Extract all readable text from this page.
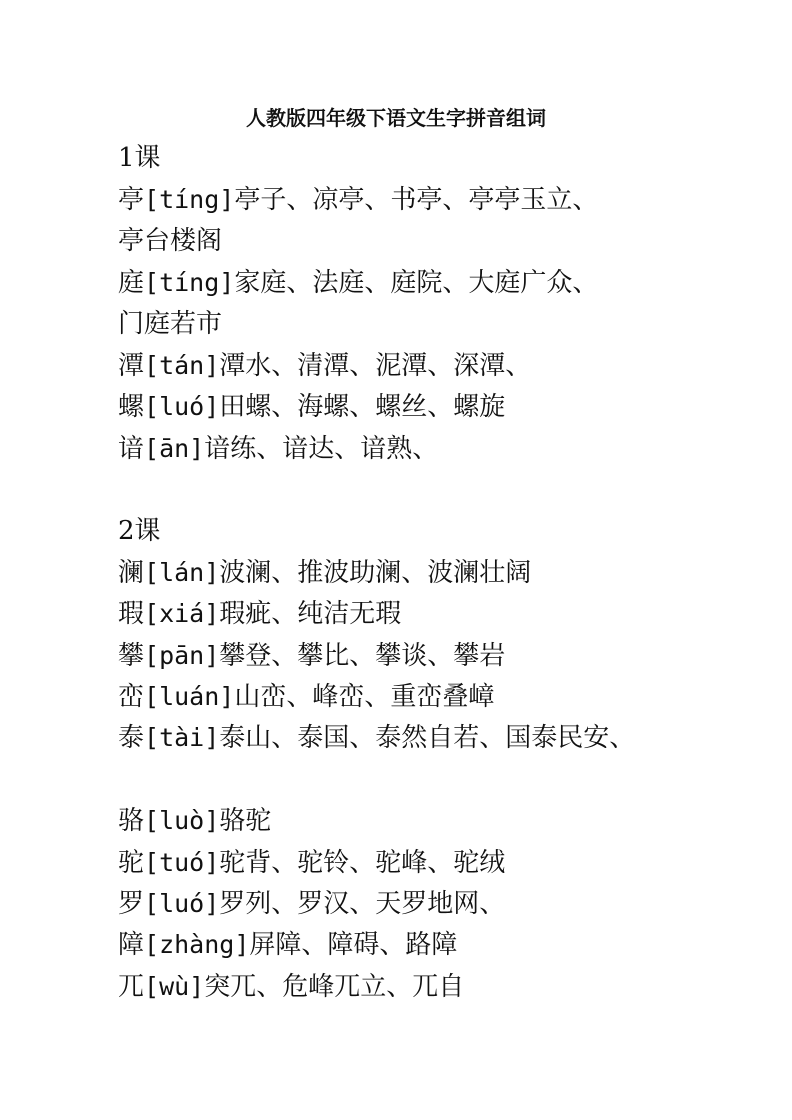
人教版四年级下语文生字拼音组词
1课
亭[tíng]亭子、凉亭、书亭、亭亭玉立、
亭台楼阁
庭[tíng]家庭、法庭、庭院、大庭广众、
门庭若市
潭[tán]潭水、清潭、泥潭、深潭、
螺[luó]田螺、海螺、螺丝、螺旋
谙[ān]谙练、谙达、谙熟、
2课
澜[lán]波澜、推波助澜、波澜壮阔
瑕[xiá]瑕疵、纯洁无瑕
攀[pān]攀登、攀比、攀谈、攀岩
峦[luán]山峦、峰峦、重峦叠嶂
泰[tài]泰山、泰国、泰然自若、国泰民安、
骆[luò]骆驼
驼[tuó]驼背、驼铃、驼峰、驼绒
罗[luó]罗列、罗汉、天罗地网、
障[zhàng]屏障、障碍、路障
兀[wù]突兀、危峰兀立、兀自
